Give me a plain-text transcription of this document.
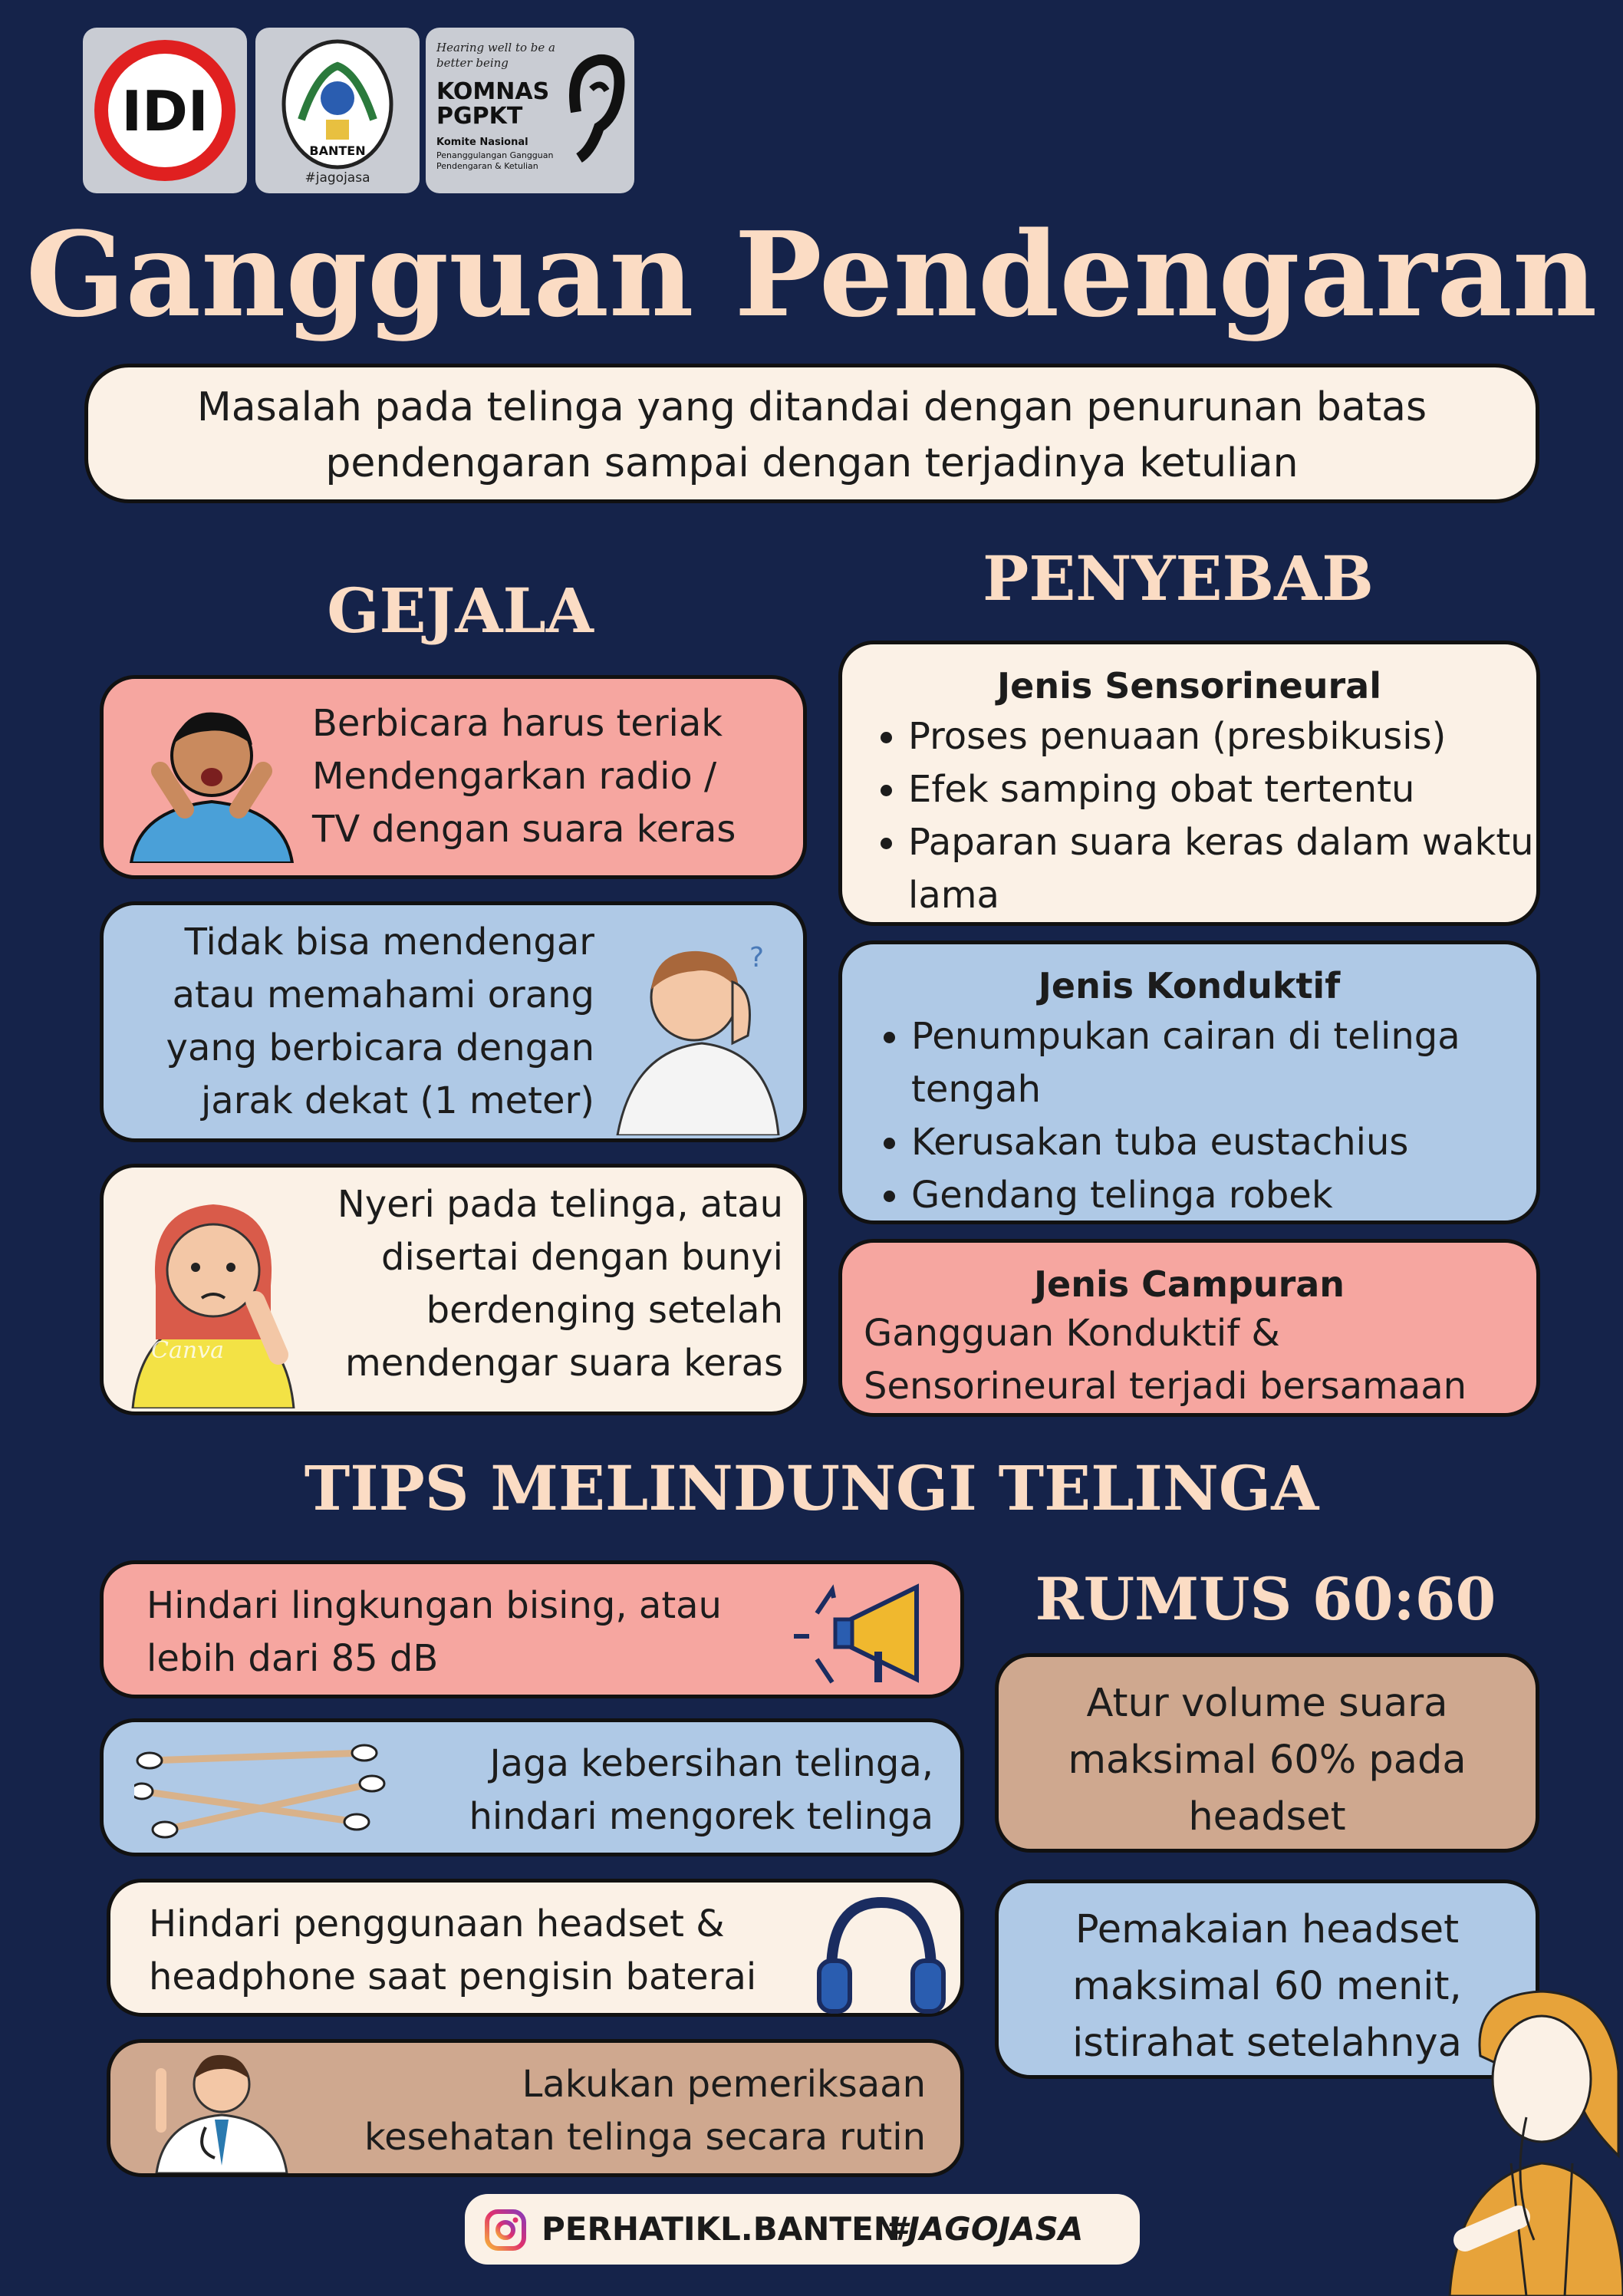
IDI
BANTEN
#jagojasa
Hearing well to be a better being
KOMNAS
PGPKT
Komite Nasional
Penanggulangan Gangguan Pendengaran & Ketulian
Gangguan Pendengaran
Masalah pada telinga yang ditandai dengan penurunan batas
pendengaran sampai dengan terjadinya ketulian
GEJALA	PENYEBAB
Berbicara harus teriak
Mendengarkan radio /
TV dengan suara keras
Tidak bisa mendengar
atau memahami orang
yang berbicara dengan
jarak dekat (1 meter)
?
Canva
Nyeri pada telinga, atau
disertai dengan bunyi
berdenging setelah
mendengar suara keras
Jenis Sensorineural
• Proses penuaan (presbikusis)
• Efek samping obat tertentu
• Paparan suara keras dalam waktu lama
Jenis Konduktif
• Penumpukan cairan di telinga tengah
• Kerusakan tuba eustachius
• Gendang telinga robek
Jenis Campuran
Gangguan Konduktif &
Sensorineural terjadi bersamaan
TIPS MELINDUNGI TELINGA
Hindari lingkungan bising, atau
lebih dari 85 dB
Jaga kebersihan telinga,
hindari mengorek telinga
Hindari penggunaan headset &
headphone saat pengisin baterai
Lakukan pemeriksaan
kesehatan telinga secara rutin
RUMUS 60:60
Atur volume suara
maksimal 60% pada
headset
Pemakaian headset
maksimal 60 menit,
istirahat setelahnya
PERHATIKL.BANTEN
#JAGOJASA
